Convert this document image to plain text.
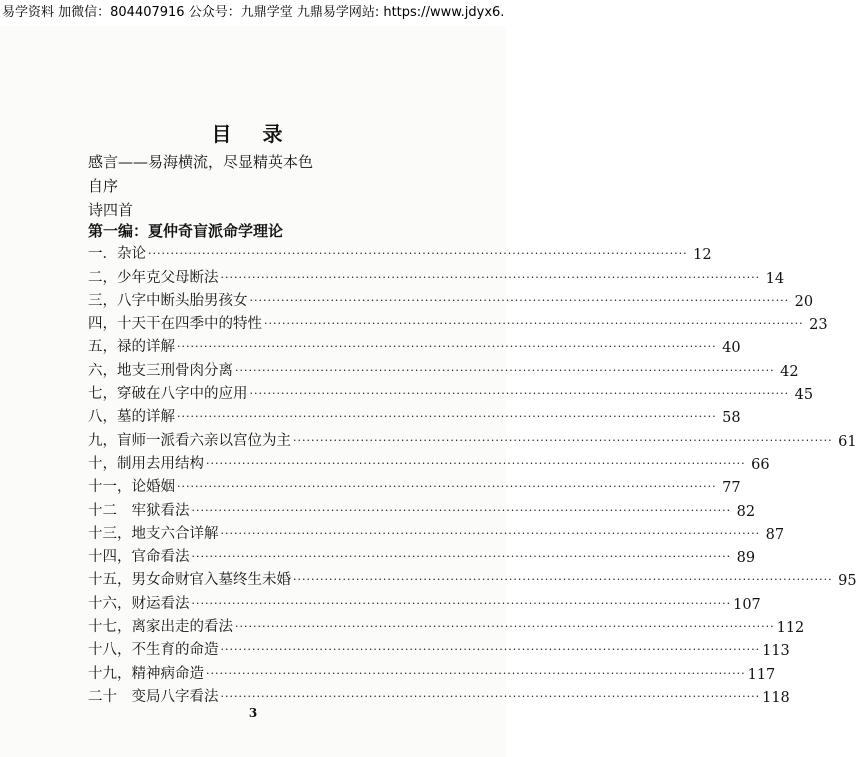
易学资料 加微信：804407916 公众号：九鼎学堂 九鼎易学网站: https://www.jdyx6.
目 录
感言——易海横流，尽显精英本色
自序
诗四首
第一编：夏仲奇盲派命学理论
一．杂论 ························································································································ 12
二，少年克父母断法 ························································································································ 14
三，八字中断头胎男孩女 ························································································································ 20
四，十天干在四季中的特性 ························································································································ 23
五，禄的详解 ························································································································ 40
六，地支三刑骨肉分离 ························································································································ 42
七，穿破在八字中的应用 ························································································································ 45
八，墓的详解 ························································································································ 58
九，盲师一派看六亲以宫位为主 ························································································································ 61
十，制用去用结构 ························································································································ 66
十一，论婚姻 ························································································································ 77
十二　牢狱看法 ························································································································ 82
十三，地支六合详解 ························································································································ 87
十四，官命看法 ························································································································ 89
十五，男女命财官入墓终生未婚 ························································································································ 95
十六，财运看法 ························································································································ 107
十七，离家出走的看法 ························································································································ 112
十八，不生育的命造 ························································································································ 113
十九，精神病命造 ························································································································ 117
二十　变局八字看法 ························································································································ 118
3
